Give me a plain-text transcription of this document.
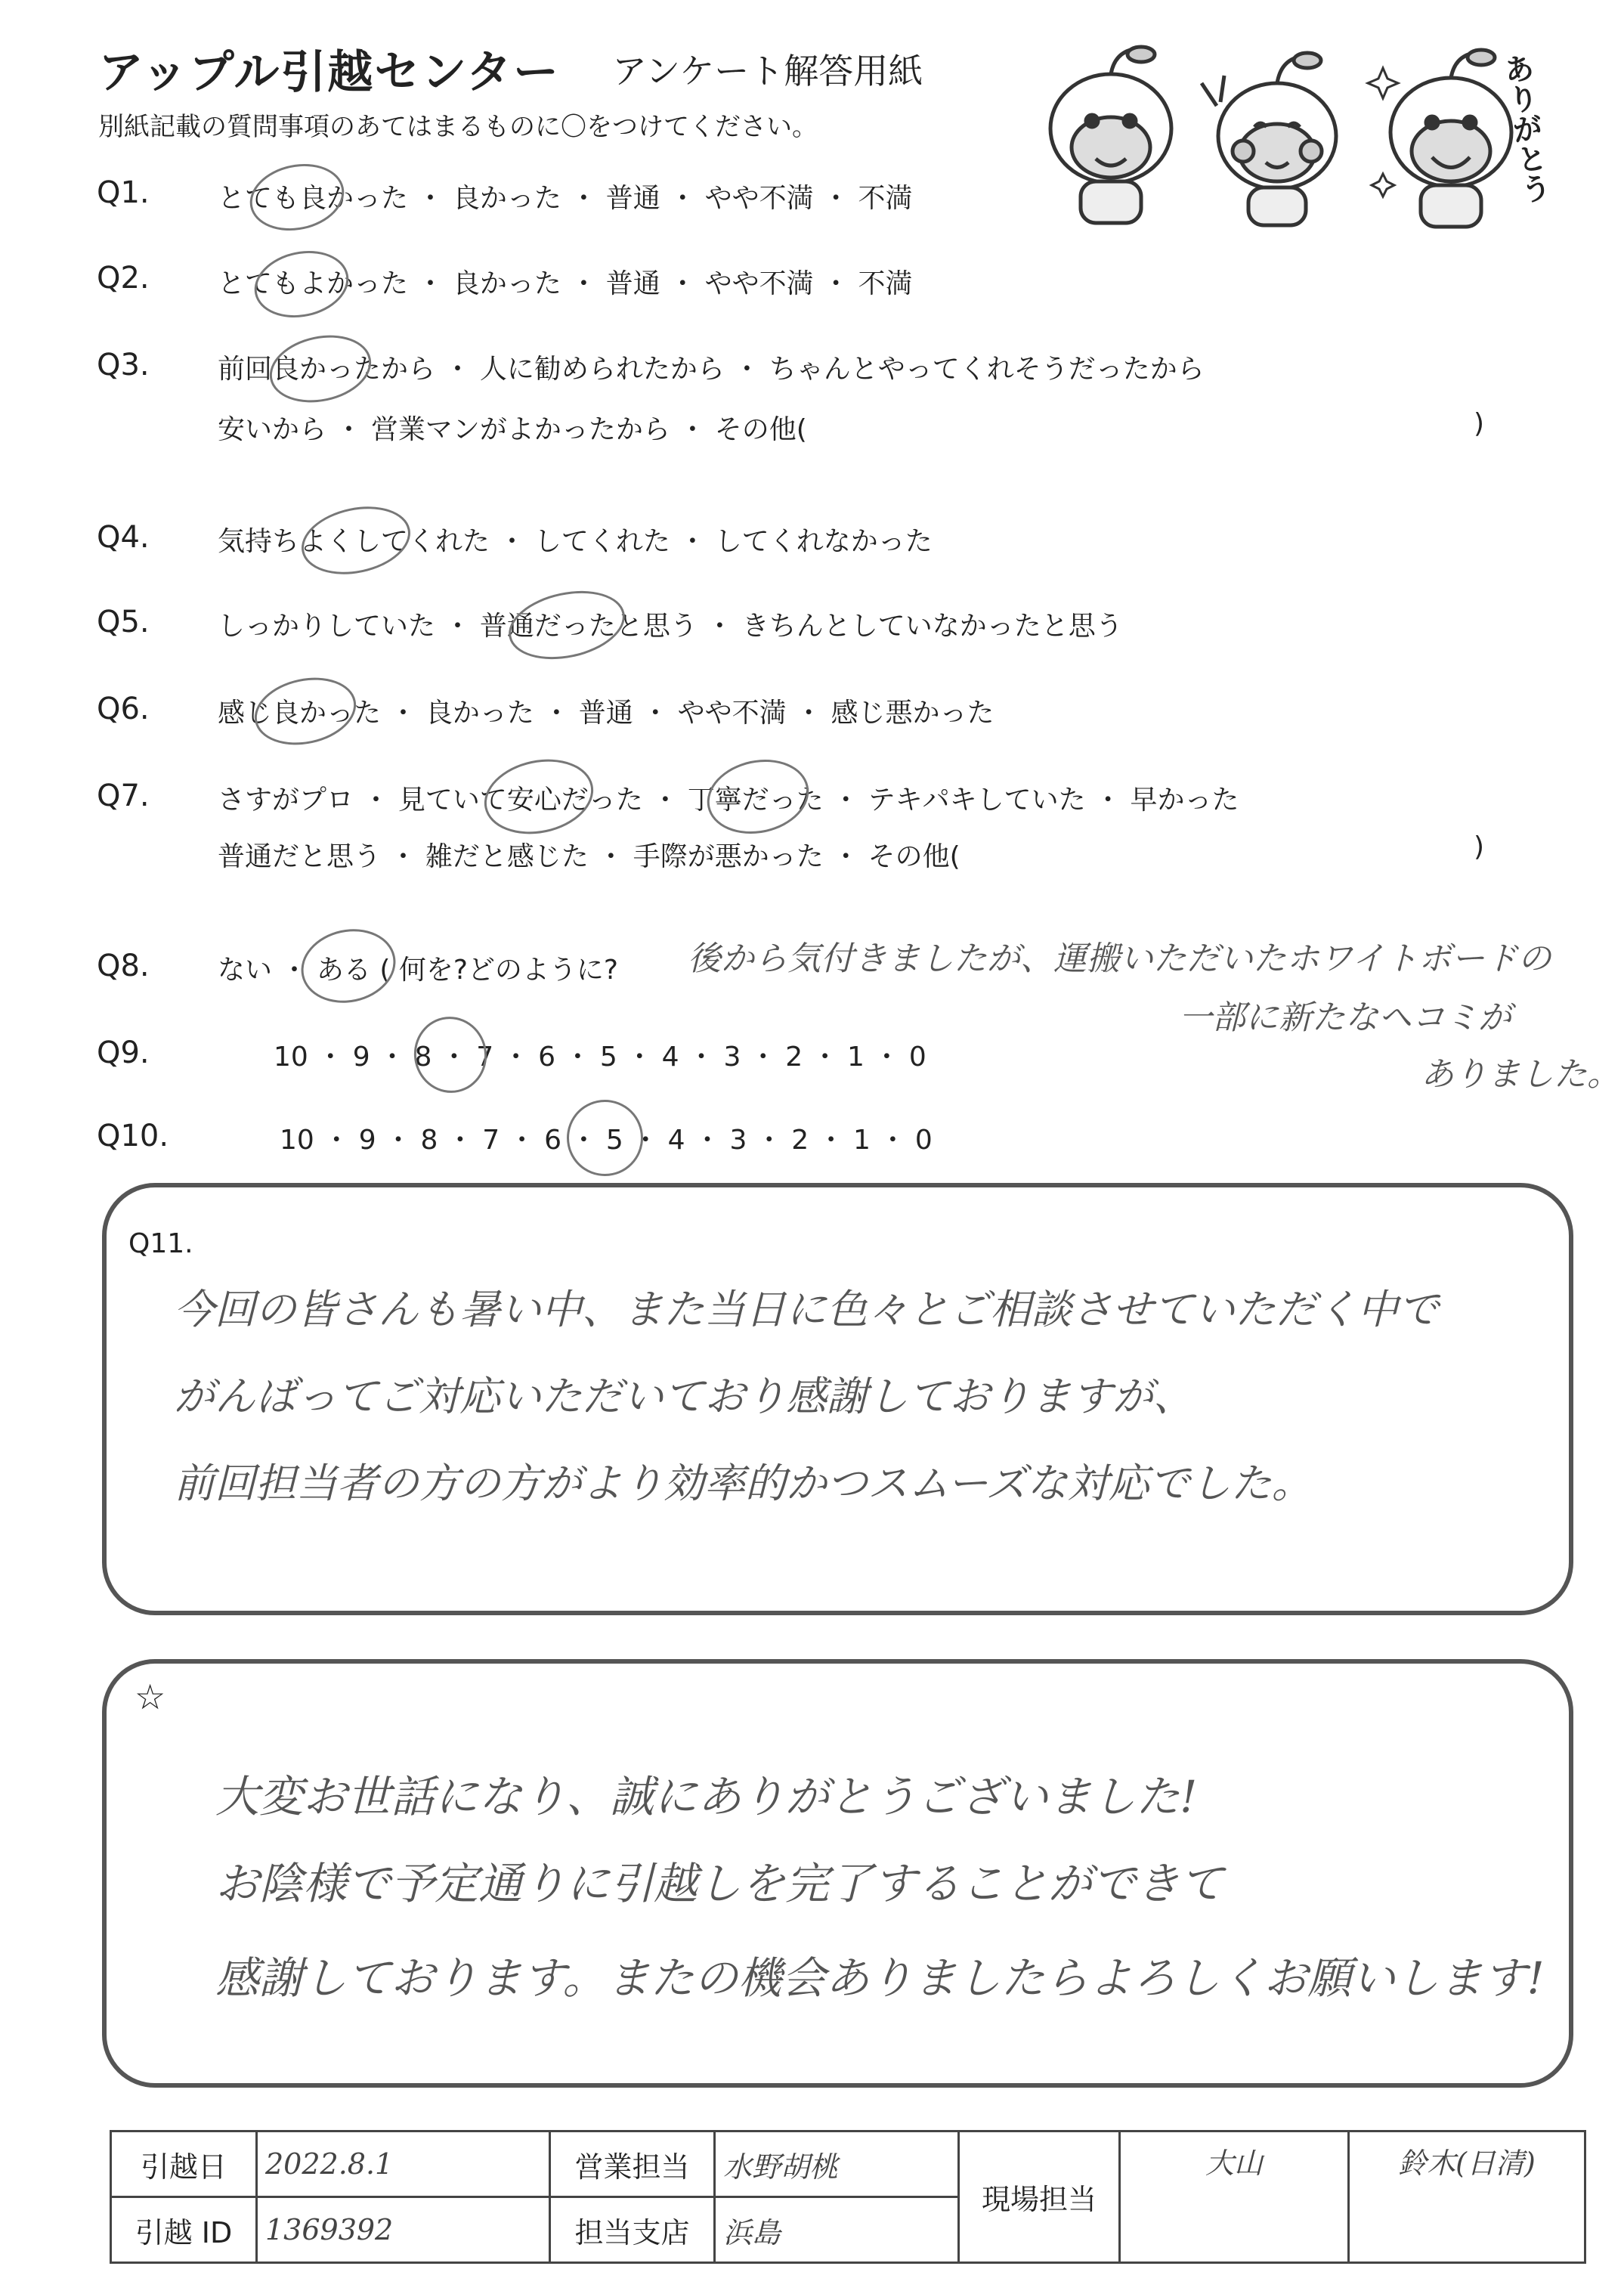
アップル引越センター アンケート解答用紙
別紙記載の質問事項のあてはまるものに〇をつけてください。	ありがとう
Q1.	とても良かった ・ 良かった ・ 普通 ・ やや不満 ・ 不満
Q2.	とてもよかった ・ 良かった ・ 普通 ・ やや不満 ・ 不満
Q3.	前回良かったから ・ 人に勧められたから ・ ちゃんとやってくれそうだったから
安いから ・ 営業マンがよかったから ・ その他(	)
Q4.	気持ちよくしてくれた ・ してくれた ・ してくれなかった
Q5.	しっかりしていた ・ 普通だったと思う ・ きちんとしていなかったと思う
Q6.	感じ良かった ・ 良かった ・ 普通 ・ やや不満 ・ 感じ悪かった
Q7.	さすがプロ ・ 見ていて安心だった ・ 丁寧だった ・ テキパキしていた ・ 早かった
普通だと思う ・ 雑だと感じた ・ 手際が悪かった ・ その他(	)
Q8.	ない ・ ある ( 何を?どのように? 後から気付きましたが、運搬いただいたホワイトボードの
一部に新たなヘコミが
ありました。
Q9.	10 ・ 9 ・ 8 ・ 7 ・ 6 ・ 5 ・ 4 ・ 3 ・ 2 ・ 1 ・ 0
Q10.	10 ・ 9 ・ 8 ・ 7 ・ 6 ・ 5 ・ 4 ・ 3 ・ 2 ・ 1 ・ 0
Q11.
今回の皆さんも暑い中、また当日に色々とご相談させていただく中で
がんばってご対応いただいており感謝しておりますが、
前回担当者の方の方がより効率的かつスムーズな対応でした。
☆
大変お世話になり、誠にありがとうございました!
お陰様で予定通りに引越しを完了することができて
感謝しております。またの機会ありましたらよろしくお願いします!
引越日	2022.8.1	営業担当	水野胡桃	現場担当	大山	鈴木(日清)
引越 ID	1369392	担当支店	浜島			
